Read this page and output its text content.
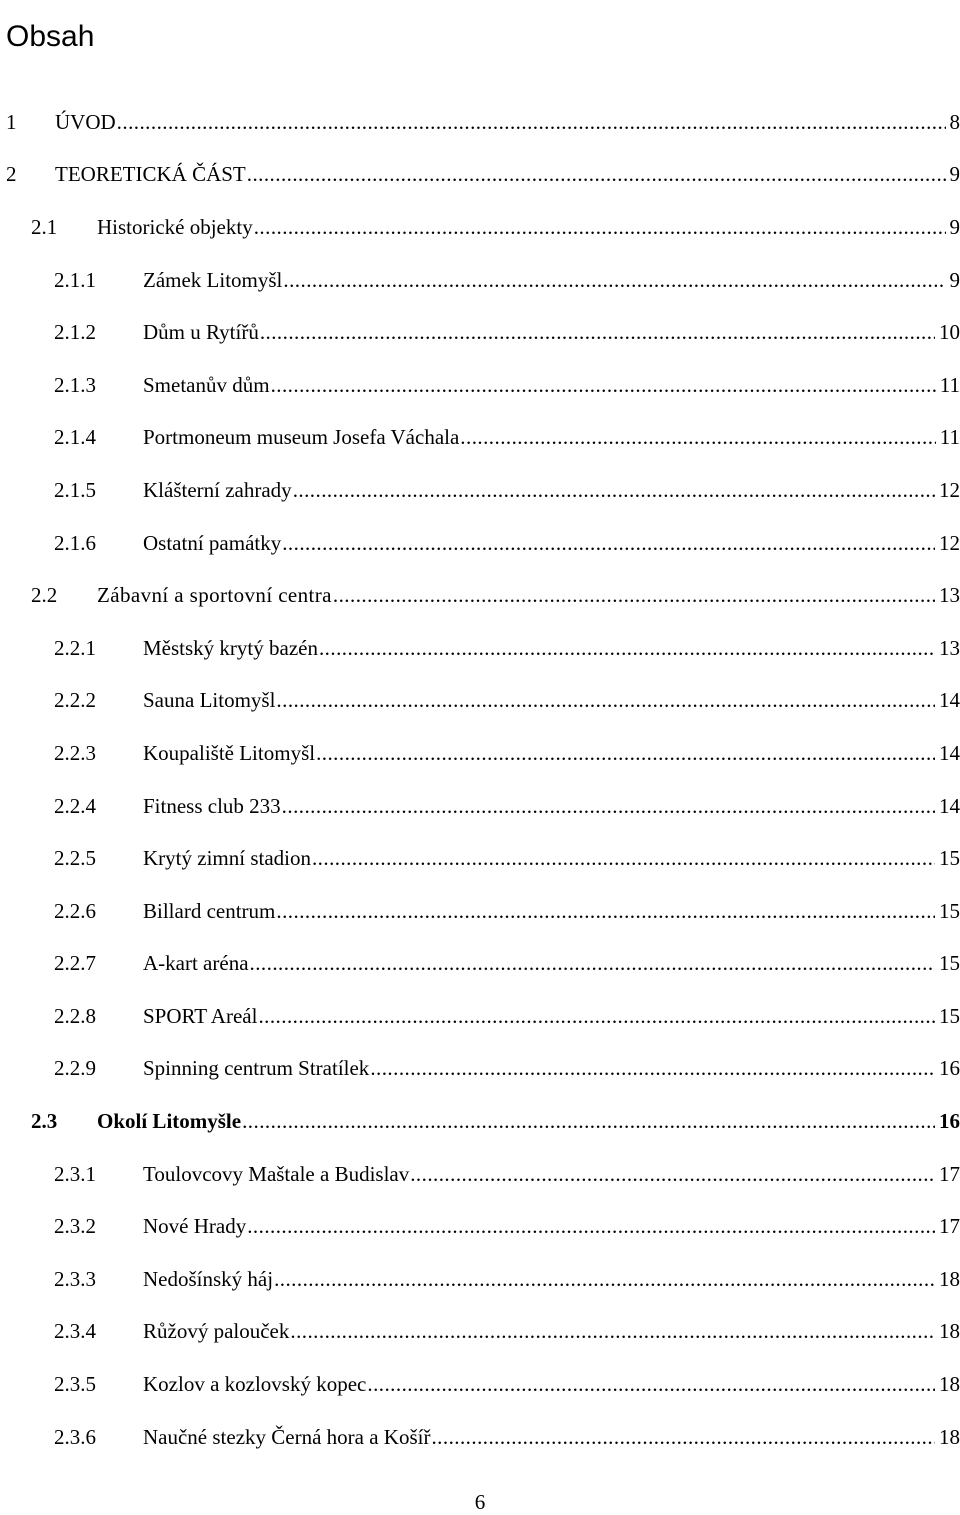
Obsah
1 ÚVOD . . .	8
2 TEORETICKÁ ČÁST . . .	9
2.1 Historické objekty . . .	9
2.1.1 Zámek Litomyšl . . .	9
2.1.2 Dům u Rytířů . . .	10
2.1.3 Smetanův dům . . .	11
2.1.4 Portmoneum museum Josefa Váchala . . .	11
2.1.5 Klášterní zahrady . . .	12
2.1.6 Ostatní památky . . .	12
2.2 Zábavní a sportovní centra . . .	13
2.2.1 Městský krytý bazén . . .	13
2.2.2 Sauna Litomyšl . . .	14
2.2.3 Koupaliště Litomyšl . . .	14
2.2.4 Fitness club 233 . . .	14
2.2.5 Krytý zimní stadion . . .	15
2.2.6 Billard centrum . . .	15
2.2.7 A-kart aréna . . .	15
2.2.8 SPORT Areál . . .	15
2.2.9 Spinning centrum Stratílek . . .	16
2.3 Okolí Litomyšle . . .	16
2.3.1 Toulovcovy Maštale a Budislav . . .	17
2.3.2 Nové Hrady . . .	17
2.3.3 Nedošínský háj . . .	18
2.3.4 Růžový palouček . . .	18
2.3.5 Kozlov a kozlovský kopec . . .	18
2.3.6 Naučné stezky Černá hora a Košíř . . .	18
6
